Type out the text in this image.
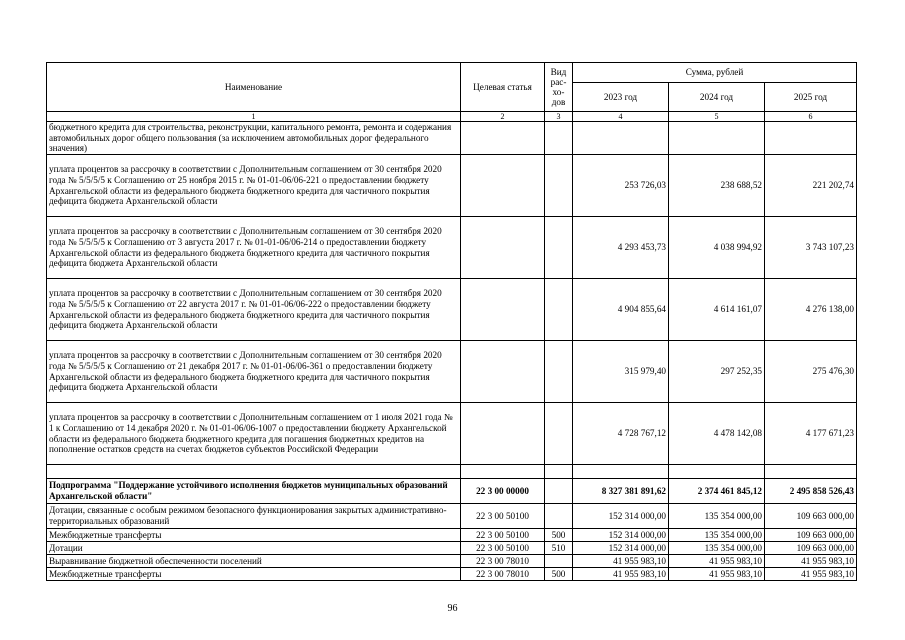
Наименование	Целевая статья	Вид
рас-
хо-
дов	Сумма, рублей		
			2023 год	2024 год	2025 год
1	2	3	4	5	6
бюджетного кредита для строительства, реконструкции, капитального ремонта, ремонта и содержания автомобильных дорог общего пользования (за исключением автомобильных дорог федерального значения)					
уплата процентов за рассрочку в соответствии с Дополнительным соглашением от 30 сентября 2020 года № 5/5/5/5 к Соглашению от 25 ноября 2015 г. № 01-01-06/06-221 о предоставлении бюджету Архангельской области из федерального бюджета бюджетного кредита для частичного покрытия дефицита бюджета Архангельской области			253 726,03	238 688,52	221 202,74
уплата процентов за рассрочку в соответствии с Дополнительным соглашением от 30 сентября 2020 года № 5/5/5/5 к Соглашению от 3 августа 2017 г. № 01-01-06/06-214 о предоставлении бюджету Архангельской области из федерального бюджета бюджетного кредита для частичного покрытия дефицита бюджета Архангельской области			4 293 453,73	4 038 994,92	3 743 107,23
уплата процентов за рассрочку в соответствии с Дополнительным соглашением от 30 сентября 2020 года № 5/5/5/5 к Соглашению от 22 августа 2017 г. № 01-01-06/06-222 о предоставлении бюджету Архангельской области из федерального бюджета бюджетного кредита для частичного покрытия дефицита бюджета Архангельской области			4 904 855,64	4 614 161,07	4 276 138,00
уплата процентов за рассрочку в соответствии с Дополнительным соглашением от 30 сентября 2020 года № 5/5/5/5 к Соглашению от 21 декабря 2017 г. № 01-01-06/06-361 о предоставлении бюджету Архангельской области из федерального бюджета бюджетного кредита для частичного покрытия дефицита бюджета Архангельской области			315 979,40	297 252,35	275 476,30
уплата процентов за рассрочку в соответствии с Дополнительным соглашением от 1 июля 2021 года № 1 к Соглашению от 14 декабря 2020 г. № 01-01-06/06-1007 о предоставлении бюджету Архангельской области из федерального бюджета бюджетного кредита для погашения бюджетных кредитов на пополнение остатков средств на счетах бюджетов субъектов Российской Федерации			4 728 767,12	4 478 142,08	4 177 671,23

Подпрограмма "Поддержание устойчивого исполнения бюджетов муниципальных образований Архангельской области"	22 3 00 00000		8 327 381 891,62	2 374 461 845,12	2 495 858 526,43
Дотации, связанные с особым режимом безопасного функционирования закрытых административно-территориальных образований	22 3 00 50100		152 314 000,00	135 354 000,00	109 663 000,00
Межбюджетные трансферты	22 3 00 50100	500	152 314 000,00	135 354 000,00	109 663 000,00
Дотации	22 3 00 50100	510	152 314 000,00	135 354 000,00	109 663 000,00
Выравнивание бюджетной обеспеченности поселений	22 3 00 78010		41 955 983,10	41 955 983,10	41 955 983,10
Межбюджетные трансферты	22 3 00 78010	500	41 955 983,10	41 955 983,10	41 955 983,10
96
